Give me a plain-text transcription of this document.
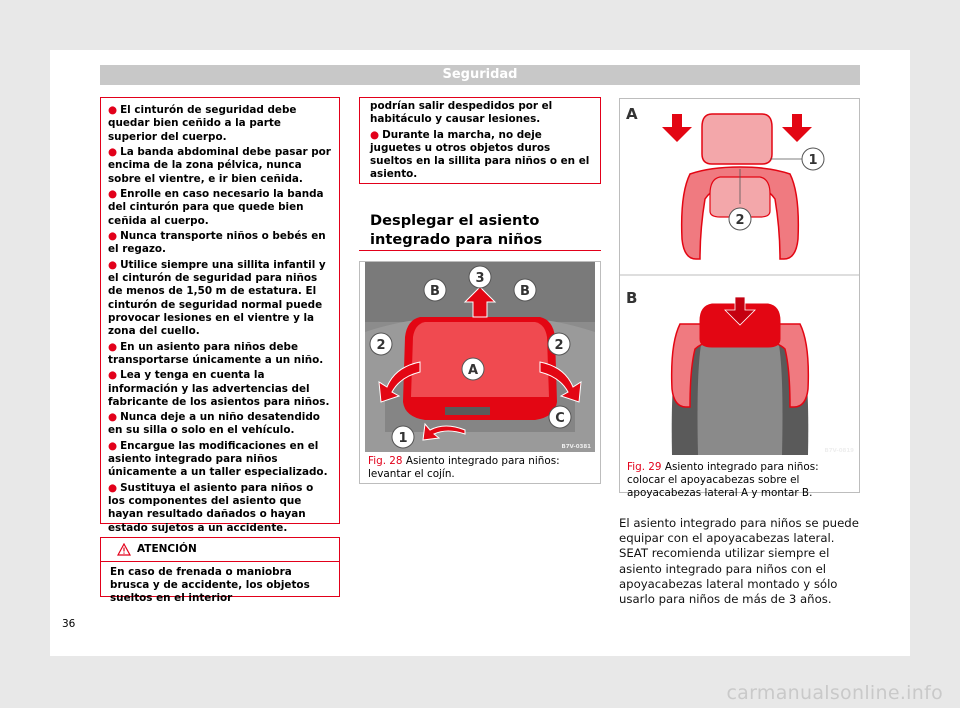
Seguridad
● El cinturón de seguridad debe quedar bien ceñido a la parte superior del cuerpo.
● La banda abdominal debe pasar por encima de la zona pélvica, nunca sobre el vientre, e ir bien ceñida.
● Enrolle en caso necesario la banda del cinturón para que quede bien ceñida al cuerpo.
● Nunca transporte niños o bebés en el regazo.
● Utilice siempre una sillita infantil y el cinturón de seguridad para niños de menos de 1,50 m de estatura. El cinturón de seguridad normal puede provocar lesiones en el vientre y la zona del cuello.
● En un asiento para niños debe transportarse únicamente a un niño.
● Lea y tenga en cuenta la información y las advertencias del fabricante de los asientos para niños.
● Nunca deje a un niño desatendido en su silla o solo en el vehículo.
● Encargue las modificaciones en el asiento integrado para niños únicamente a un taller especializado.
● Sustituya el asiento para niños o los componentes del asiento que hayan resultado dañados o hayan estado sujetos a un accidente.
ATENCIÓN
En caso de frenada o maniobra brusca y de accidente, los objetos sueltos en el interior
podrían salir despedidos por el habitáculo y causar lesiones.
● Durante la marcha, no deje juguetes u otros objetos duros sueltos en la sillita para niños o en el asiento.
Desplegar el asiento integrado para niños
3
B	B
2	2
A
C
1
B7V-0381
Fig. 28 Asiento integrado para niños: levantar el cojín.
A
1
2
B
B7V-0819
Fig. 29 Asiento integrado para niños: colocar el apoyacabezas sobre el apoyacabezas lateral A y montar B.
El asiento integrado para niños se puede equipar con el apoyacabezas lateral. SEAT recomienda utilizar siempre el asiento integrado para niños con el apoyacabezas lateral montado y sólo usarlo para niños de más de 3 años.
36
carmanualsonline.info
